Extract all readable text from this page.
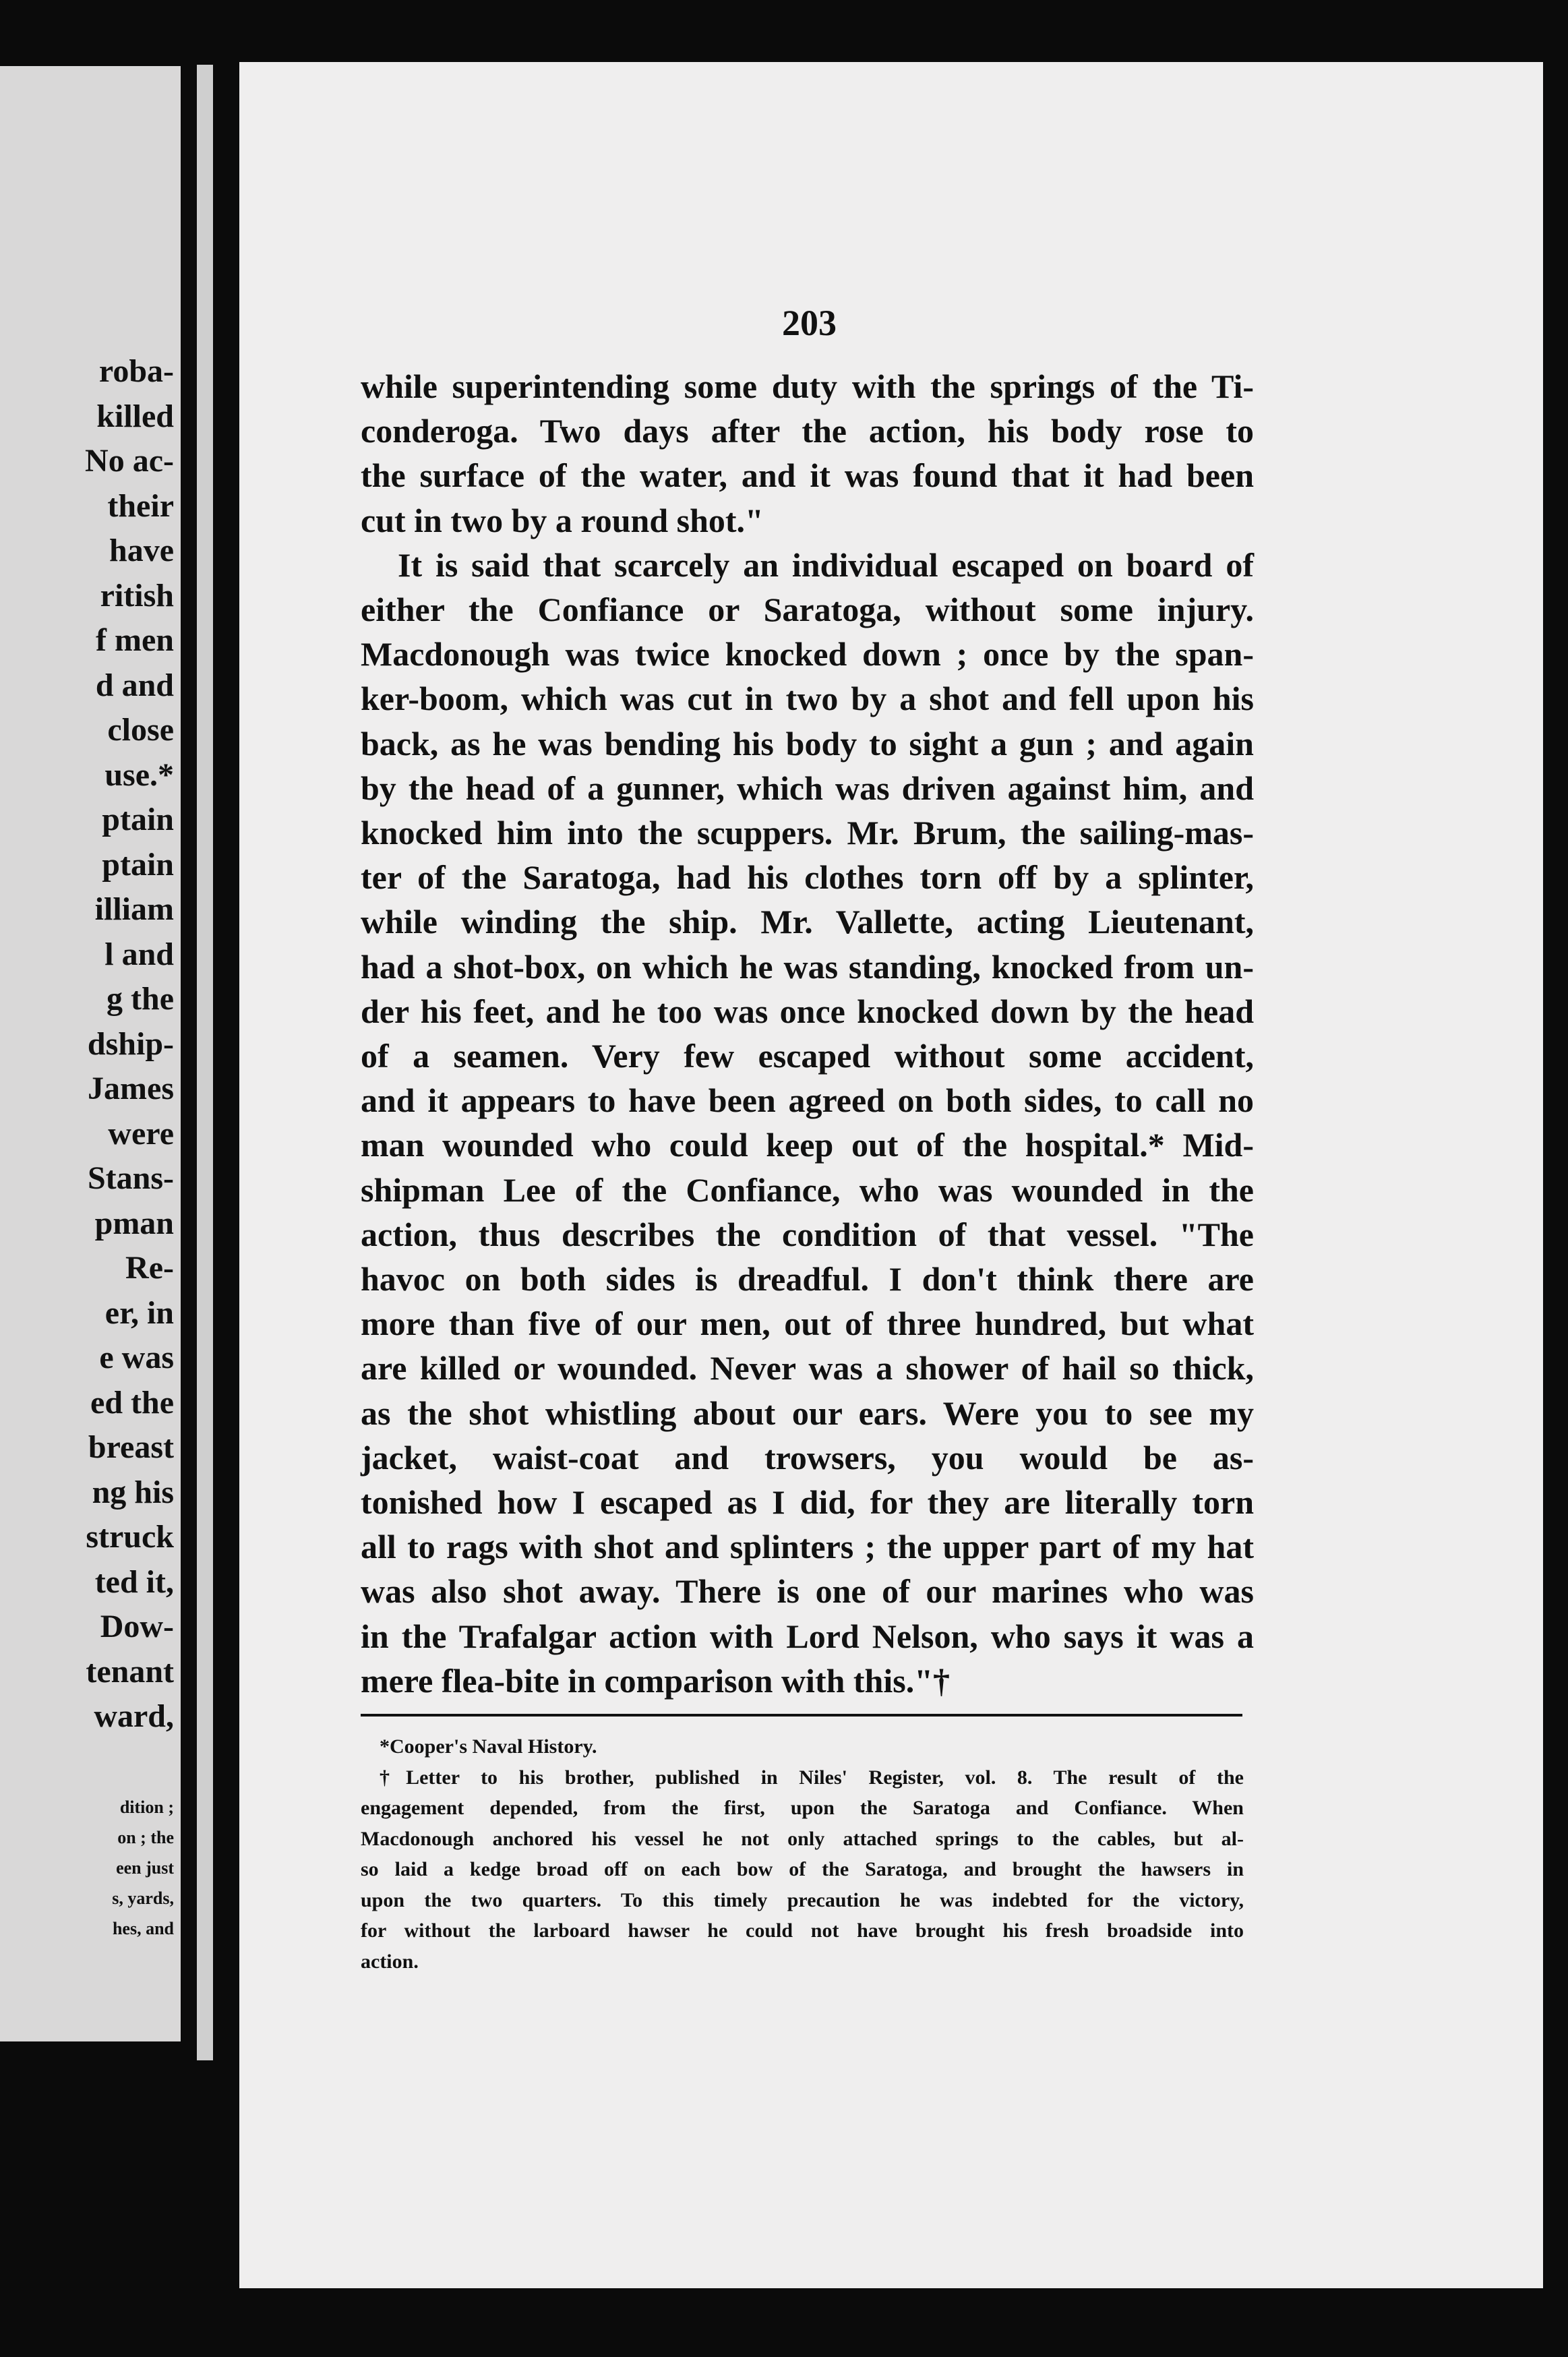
roba-
killed
No ac-
their
have
ritish
f men
d and
close
use.*
ptain
ptain
illiam
l and
g the
dship-
James
were
Stans-
pman
Re-
er, in
e was
ed the
breast
ng his
struck
ted it,
Dow-
tenant
ward,
dition ;
on ; the
een just
s, yards,
hes, and
203
while superintending some duty with the springs of the Ti-
conderoga. Two days after the action, his body rose to
the surface of the water, and it was found that it had been
cut in two by a round shot."
It is said that scarcely an individual escaped on board of
either the Confiance or Saratoga, without some injury.
Macdonough was twice knocked down ; once by the span-
ker-boom, which was cut in two by a shot and fell upon his
back, as he was bending his body to sight a gun ; and again
by the head of a gunner, which was driven against him, and
knocked him into the scuppers. Mr. Brum, the sailing-mas-
ter of the Saratoga, had his clothes torn off by a splinter,
while winding the ship. Mr. Vallette, acting Lieutenant,
had a shot-box, on which he was standing, knocked from un-
der his feet, and he too was once knocked down by the head
of a seamen. Very few escaped without some accident,
and it appears to have been agreed on both sides, to call no
man wounded who could keep out of the hospital.* Mid-
shipman Lee of the Confiance, who was wounded in the
action, thus describes the condition of that vessel. "The
havoc on both sides is dreadful. I don't think there are
more than five of our men, out of three hundred, but what
are killed or wounded. Never was a shower of hail so thick,
as the shot whistling about our ears. Were you to see my
jacket, waist-coat and trowsers, you would be as-
tonished how I escaped as I did, for they are literally torn
all to rags with shot and splinters ; the upper part of my hat
was also shot away. There is one of our marines who was
in the Trafalgar action with Lord Nelson, who says it was a
mere flea-bite in comparison with this."†
*Cooper's Naval History.
†Letter to his brother, published in Niles' Register, vol. 8. The result of the
engagement depended, from the first, upon the Saratoga and Confiance. When
Macdonough anchored his vessel he not only attached springs to the cables, but al-
so laid a kedge broad off on each bow of the Saratoga, and brought the hawsers in
upon the two quarters. To this timely precaution he was indebted for the victory,
for without the larboard hawser he could not have brought his fresh broadside into
action.
